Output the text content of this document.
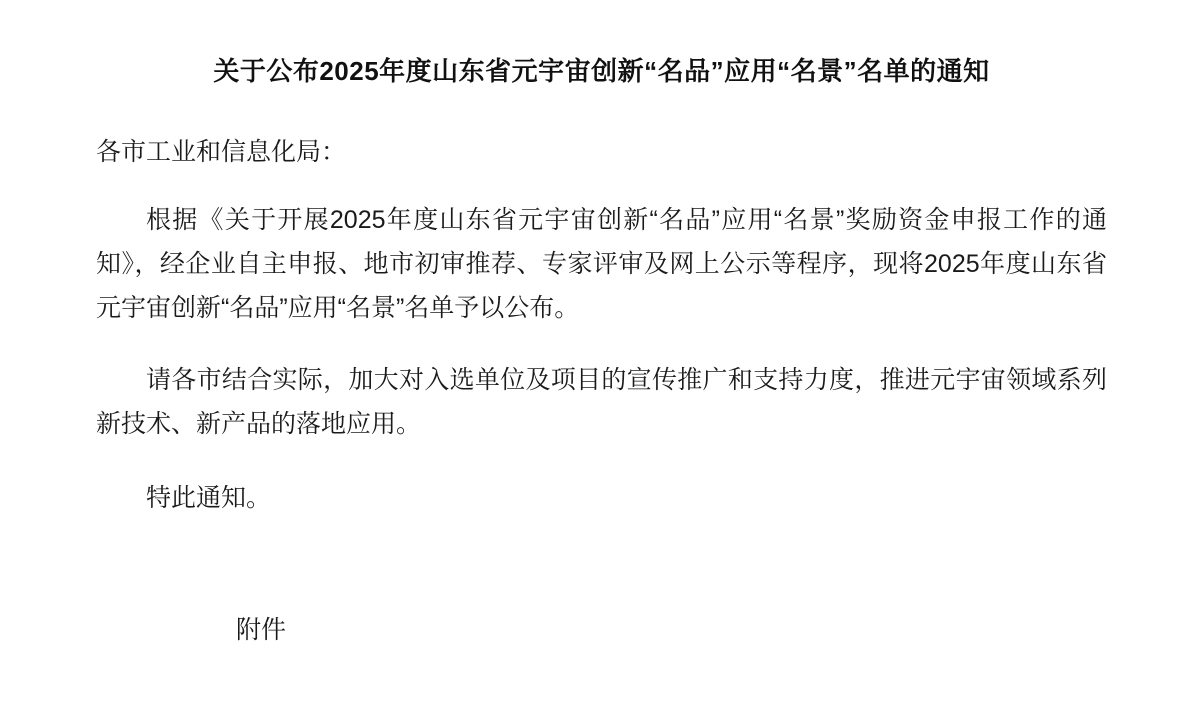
关于公布2025年度山东省元宇宙创新“名品”应用“名景”名单的通知

各市工业和信息化局：

根据《关于开展2025年度山东省元宇宙创新“名品”应用“名景”奖励资金申报工作的通知》，经企业自主申报、地市初审推荐、专家评审及网上公示等程序，现将2025年度山东省元宇宙创新“名品”应用“名景”名单予以公布。

请各市结合实际，加大对入选单位及项目的宣传推广和支持力度，推进元宇宙领域系列新技术、新产品的落地应用。

特此通知。

附件
